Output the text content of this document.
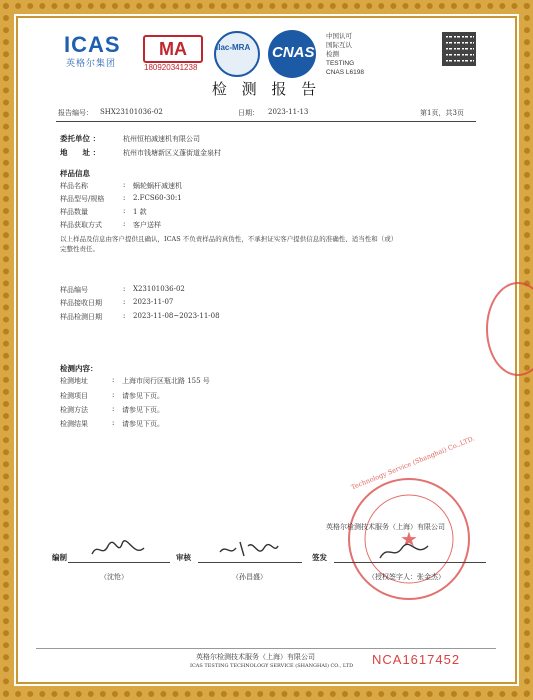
ICAS
英格尔集团
MA
180920341238
ilac-MRA CNAS
中国认可
国际互认
检测
TESTING
CNAS L6198
检 测 报 告
报告编号： SHX23101036-02	日期： 2023-11-13	第1页，共3页
委托单位 ：	杭州恒柏减速机有限公司
地　　址 ：	杭州市钱塘新区义蓬街道金泉村
样品信息
样品名称	: 蜗轮蜗杆减速机
样品型号/规格	: 2.FCS60-30:1
样品数量	: 1 款
样品获取方式	: 客户送样
以上样品及信息由客户提供且确认，ICAS 不负责样品的真伪性，不承担证实客户提供信息的准确性、适当性和（或）
完整性责任。
样品编号	: X23101036-02
样品接收日期	: 2023-11-07
样品检测日期	: 2023-11-08~2023-11-08
检测内容：
检测地址	: 上海市闵行区瓶北路 155 号
检测项目	: 请参见下页。
检测方法	: 请参见下页。
检测结果	: 请参见下页。
★
Technology Service (Shanghai) Co.,LTD.
英格尔检测技术服务（上海）有限公司
编制
（沈怆）
审核
（孙昌盛）
签发
（授权签字人：张金杰）
英格尔检测技术服务（上海）有限公司
ICAS TESTING TECHNOLOGY SERVICE (SHANGHAI) CO., LTD NCA1617452
